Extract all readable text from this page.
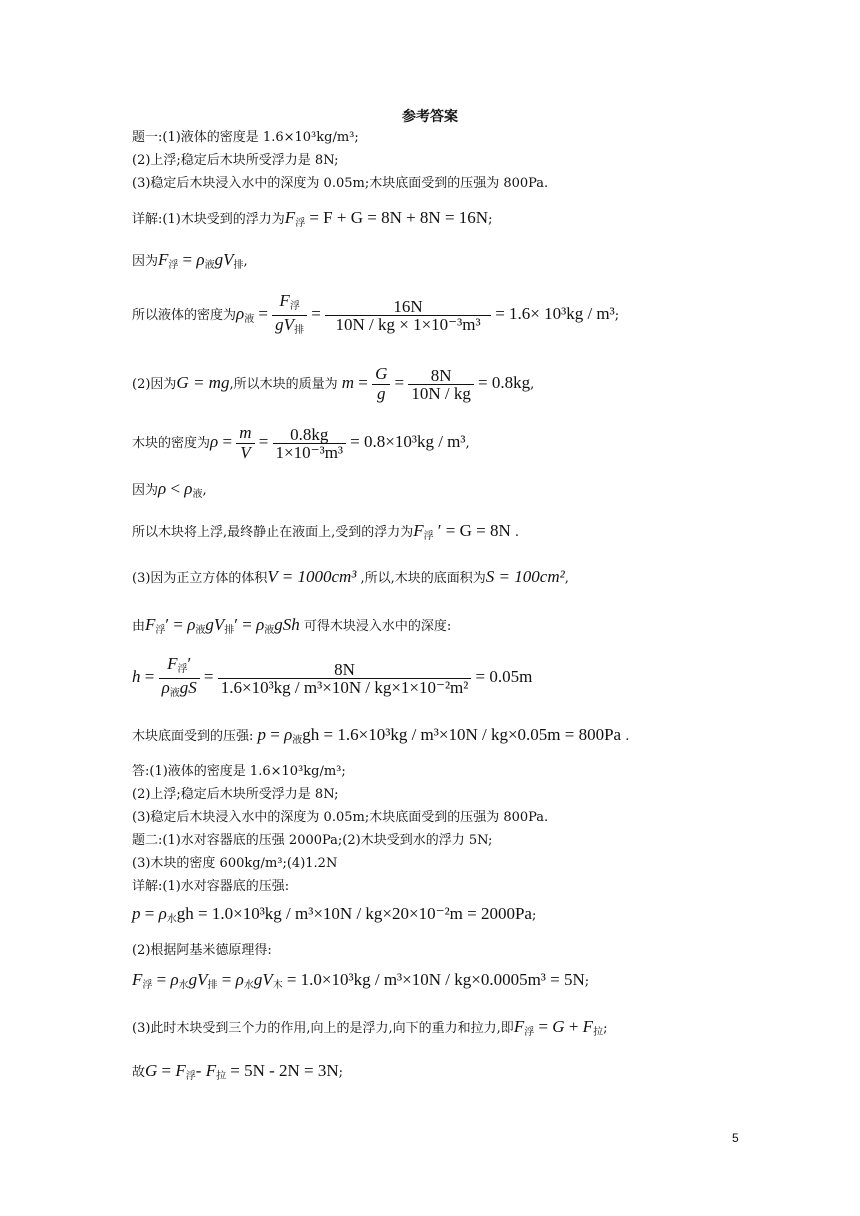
参考答案
题一:(1)液体的密度是 1.6×10³kg/m³;
(2)上浮;稳定后木块所受浮力是 8N;
(3)稳定后木块浸入水中的深度为 0.05m;木块底面受到的压强为 800Pa.
详解:(1)木块受到的浮力为$F_浮 = F + G = 8N + 8N = 16N$;
因为$F_浮 = \rho_液gV_排$,
所以液体的密度为$\rho_液 = \frac{F_浮}{gV_排} = \frac{16N}{\text{10N / kg × 1×10⁻³m³}} = 1.6\times 10^3kg / m^3$;
(2)因为G = mg,所以木块的质量为 $m = \frac{G}{g} = \frac{8N}{10N / kg} = 0.8kg$,
木块的密度为$\rho = \frac{m}{V} = \frac{0.8kg}{\text{1×10⁻³m³}} = 0.8\times 10^3kg / m^3$,
因为$\rho < \rho_液$,
所以木块将上浮,最终静止在液面上,受到的浮力为$F_浮$ ′ = G = 8N .
(3)因为正立方体的体积V = 1000cm³ ,所以,木块的底面积为S = 100cm²,
由$F_浮' = \rho_液gV_排' = \rho_液gSh$ 可得木块浸入水中的深度:
$h = \frac{F_浮'}{\rho_液gS} = \frac{8N}{\text{1.6×10³kg / m³×10N / kg×1×10⁻²m²}} = 0.05m$
木块底面受到的压强: $p = \rho_液gh = 1.6\times 10^3kg / m^3\times 10N / kg\times 0.05m = 800Pa$ .
答:(1)液体的密度是 1.6×10³kg/m³;
(2)上浮;稳定后木块所受浮力是 8N;
(3)稳定后木块浸入水中的深度为 0.05m;木块底面受到的压强为 800Pa.
题二:(1)水对容器底的压强 2000Pa;(2)木块受到水的浮力 5N;
(3)木块的密度 600kg/m³;(4)1.2N
详解:(1)水对容器底的压强:
$p = \rho_水gh = 1.0\times 10^3kg / m^3\times 10N / kg\times 20\times 10^{-2}m = 2000Pa$;
(2)根据阿基米德原理得:
$F_浮 = \rho_水gV_排 = \rho_水gV_木 = 1.0\times 10^3kg / m^3\times 10N / kg\times 0.0005m^3 = 5N$;
(3)此时木块受到三个力的作用,向上的是浮力,向下的重力和拉力,即$F_浮 = G + F_拉$;
故$G = F_浮-$ $F_拉 = 5N - 2N = 3N$;
5
